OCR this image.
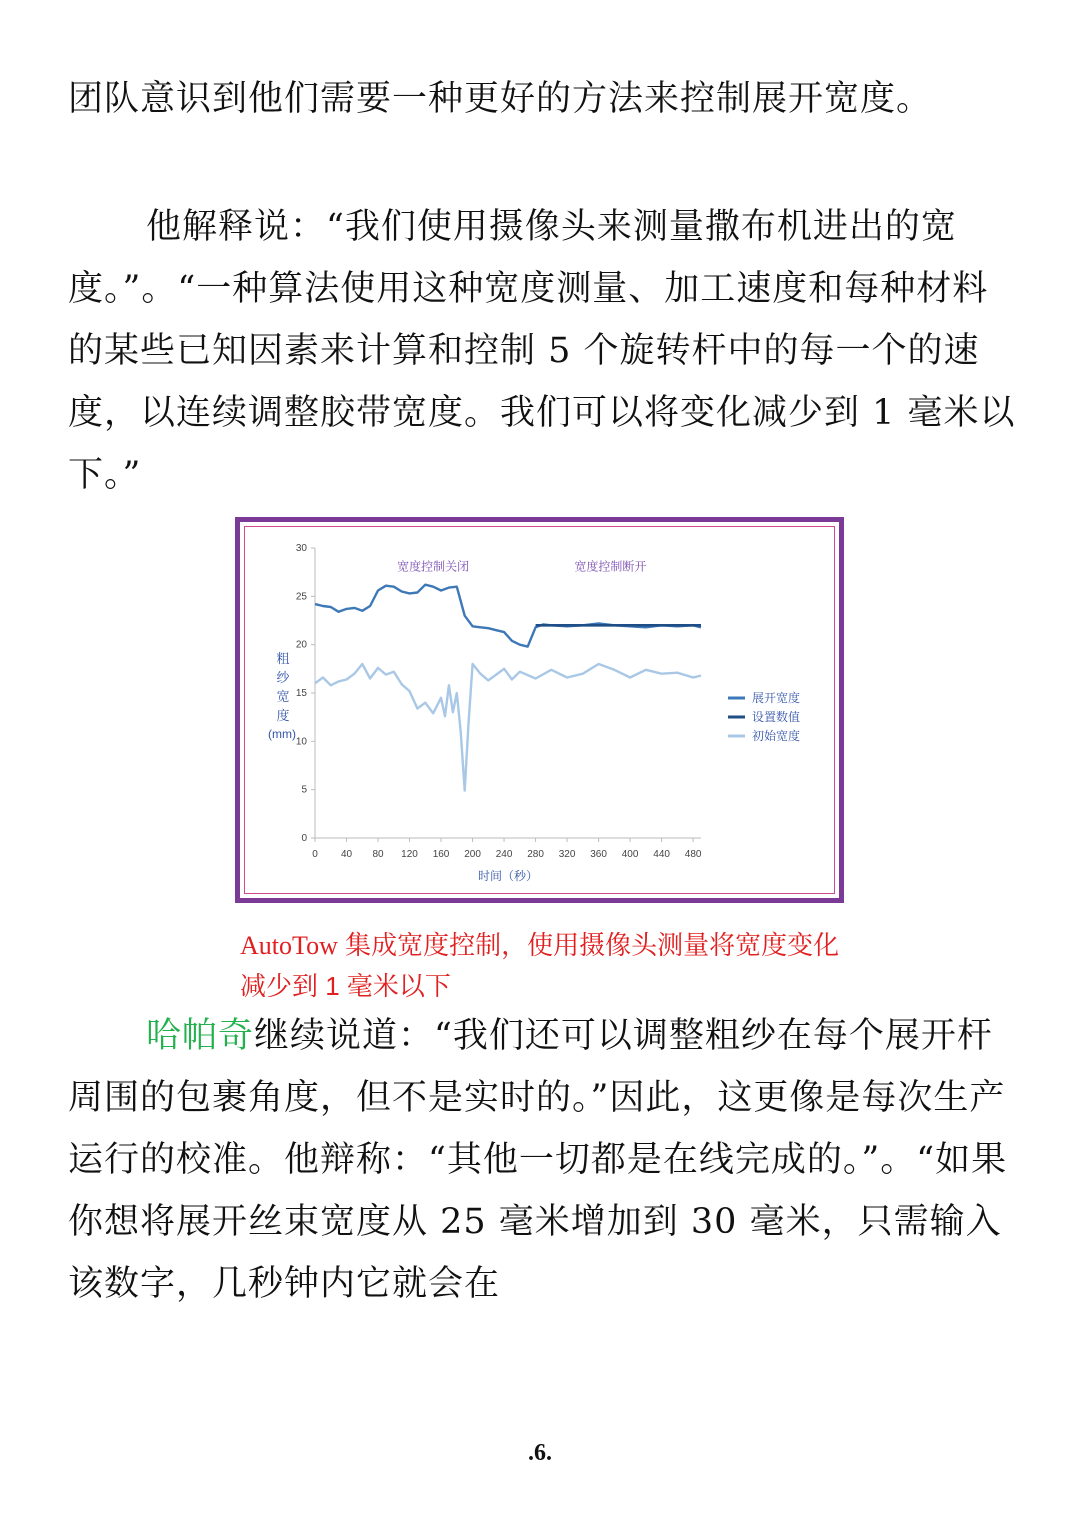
团队意识到他们需要一种更好的方法来控制展开宽度。
他解释说：“我们使用摄像头来测量撒布机进出的宽度。”。“一种算法使用这种宽度测量、加工速度和每种材料的某些已知因素来计算和控制 5 个旋转杆中的每一个的速度，以连续调整胶带宽度。我们可以将变化减少到 1 毫米以下。”
0
5
10
15
20
25
30
0 40 80 120 160 200 240 280 320 360 400 440 480
时间（秒）
粗
纱
宽
度
(mm)
宽度控制关闭	宽度控制断开
展开宽度
设置数值
初始宽度
AutoTow 集成宽度控制，使用摄像头测量将宽度变化减少到 1 毫米以下
哈帕奇继续说道：“我们还可以调整粗纱在每个展开杆周围的包裹角度，但不是实时的。”因此，这更像是每次生产运行的校准。他辩称：“其他一切都是在线完成的。”。“如果你想将展开丝束宽度从 25 毫米增加到 30 毫米，只需输入该数字，几秒钟内它就会在
.6.
